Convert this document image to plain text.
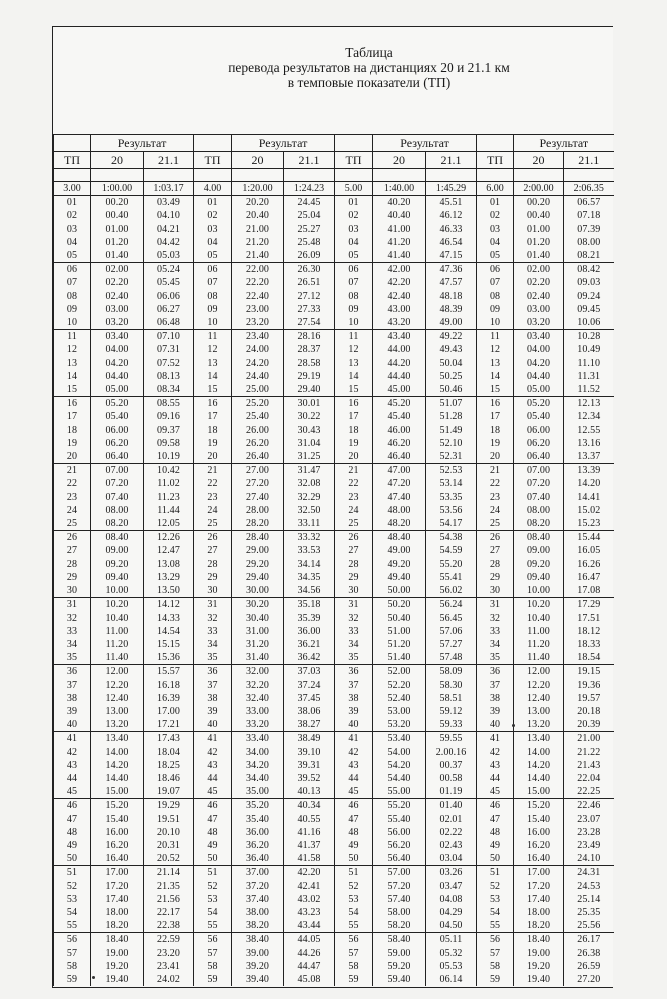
Таблица
перевода результатов на дистанциях 20 и 21.1 км
в темповые показатели (ТП)
	Результат			Результат			Результат			Результат	
ТП	20	21.1	ТП	20	21.1	ТП	20	21.1	ТП	20	21.1

3.00	1:00.00	1:03.17	4.00	1:20.00	1:24.23	5.00	1:40.00	1:45.29	6.00	2:00.00	2:06.35
01	00.20	03.49	01	20.20	24.45	01	40.20	45.51	01	00.20	06.57
02	00.40	04.10	02	20.40	25.04	02	40.40	46.12	02	00.40	07.18
03	01.00	04.21	03	21.00	25.27	03	41.00	46.33	03	01.00	07.39
04	01.20	04.42	04	21.20	25.48	04	41.20	46.54	04	01.20	08.00
05	01.40	05.03	05	21.40	26.09	05	41.40	47.15	05	01.40	08.21
06	02.00	05.24	06	22.00	26.30	06	42.00	47.36	06	02.00	08.42
07	02.20	05.45	07	22.20	26.51	07	42.20	47.57	07	02.20	09.03
08	02.40	06.06	08	22.40	27.12	08	42.40	48.18	08	02.40	09.24
09	03.00	06.27	09	23.00	27.33	09	43.00	48.39	09	03.00	09.45
10	03.20	06.48	10	23.20	27.54	10	43.20	49.00	10	03.20	10.06
11	03.40	07.10	11	23.40	28.16	11	43.40	49.22	11	03.40	10.28
12	04.00	07.31	12	24.00	28.37	12	44.00	49.43	12	04.00	10.49
13	04.20	07.52	13	24.20	28.58	13	44.20	50.04	13	04.20	11.10
14	04.40	08.13	14	24.40	29.19	14	44.40	50.25	14	04.40	11.31
15	05.00	08.34	15	25.00	29.40	15	45.00	50.46	15	05.00	11.52
16	05.20	08.55	16	25.20	30.01	16	45.20	51.07	16	05.20	12.13
17	05.40	09.16	17	25.40	30.22	17	45.40	51.28	17	05.40	12.34
18	06.00	09.37	18	26.00	30.43	18	46.00	51.49	18	06.00	12.55
19	06.20	09.58	19	26.20	31.04	19	46.20	52.10	19	06.20	13.16
20	06.40	10.19	20	26.40	31.25	20	46.40	52.31	20	06.40	13.37
21	07.00	10.42	21	27.00	31.47	21	47.00	52.53	21	07.00	13.39
22	07.20	11.02	22	27.20	32.08	22	47.20	53.14	22	07.20	14.20
23	07.40	11.23	23	27.40	32.29	23	47.40	53.35	23	07.40	14.41
24	08.00	11.44	24	28.00	32.50	24	48.00	53.56	24	08.00	15.02
25	08.20	12.05	25	28.20	33.11	25	48.20	54.17	25	08.20	15.23
26	08.40	12.26	26	28.40	33.32	26	48.40	54.38	26	08.40	15.44
27	09.00	12.47	27	29.00	33.53	27	49.00	54.59	27	09.00	16.05
28	09.20	13.08	28	29.20	34.14	28	49.20	55.20	28	09.20	16.26
29	09.40	13.29	29	29.40	34.35	29	49.40	55.41	29	09.40	16.47
30	10.00	13.50	30	30.00	34.56	30	50.00	56.02	30	10.00	17.08
31	10.20	14.12	31	30.20	35.18	31	50.20	56.24	31	10.20	17.29
32	10.40	14.33	32	30.40	35.39	32	50.40	56.45	32	10.40	17.51
33	11.00	14.54	33	31.00	36.00	33	51.00	57.06	33	11.00	18.12
34	11.20	15.15	34	31.20	36.21	34	51.20	57.27	34	11.20	18.33
35	11.40	15.36	35	31.40	36.42	35	51.40	57.48	35	11.40	18.54
36	12.00	15.57	36	32.00	37.03	36	52.00	58.09	36	12.00	19.15
37	12.20	16.18	37	32.20	37.24	37	52.20	58.30	37	12.20	19.36
38	12.40	16.39	38	32.40	37.45	38	52.40	58.51	38	12.40	19.57
39	13.00	17.00	39	33.00	38.06	39	53.00	59.12	39	13.00	20.18
40	13.20	17.21	40	33.20	38.27	40	53.20	59.33	40	13.20	20.39
41	13.40	17.43	41	33.40	38.49	41	53.40	59.55	41	13.40	21.00
42	14.00	18.04	42	34.00	39.10	42	54.00	2.00.16	42	14.00	21.22
43	14.20	18.25	43	34.20	39.31	43	54.20	00.37	43	14.20	21.43
44	14.40	18.46	44	34.40	39.52	44	54.40	00.58	44	14.40	22.04
45	15.00	19.07	45	35.00	40.13	45	55.00	01.19	45	15.00	22.25
46	15.20	19.29	46	35.20	40.34	46	55.20	01.40	46	15.20	22.46
47	15.40	19.51	47	35.40	40.55	47	55.40	02.01	47	15.40	23.07
48	16.00	20.10	48	36.00	41.16	48	56.00	02.22	48	16.00	23.28
49	16.20	20.31	49	36.20	41.37	49	56.20	02.43	49	16.20	23.49
50	16.40	20.52	50	36.40	41.58	50	56.40	03.04	50	16.40	24.10
51	17.00	21.14	51	37.00	42.20	51	57.00	03.26	51	17.00	24.31
52	17.20	21.35	52	37.20	42.41	52	57.20	03.47	52	17.20	24.53
53	17.40	21.56	53	37.40	43.02	53	57.40	04.08	53	17.40	25.14
54	18.00	22.17	54	38.00	43.23	54	58.00	04.29	54	18.00	25.35
55	18.20	22.38	55	38.20	43.44	55	58.20	04.50	55	18.20	25.56
56	18.40	22.59	56	38.40	44.05	56	58.40	05.11	56	18.40	26.17
57	19.00	23.20	57	39.00	44.26	57	59.00	05.32	57	19.00	26.38
58	19.20	23.41	58	39.20	44.47	58	59.20	05.53	58	19.20	26.59
59	19.40	24.02	59	39.40	45.08	59	59.40	06.14	59	19.40	27.20
